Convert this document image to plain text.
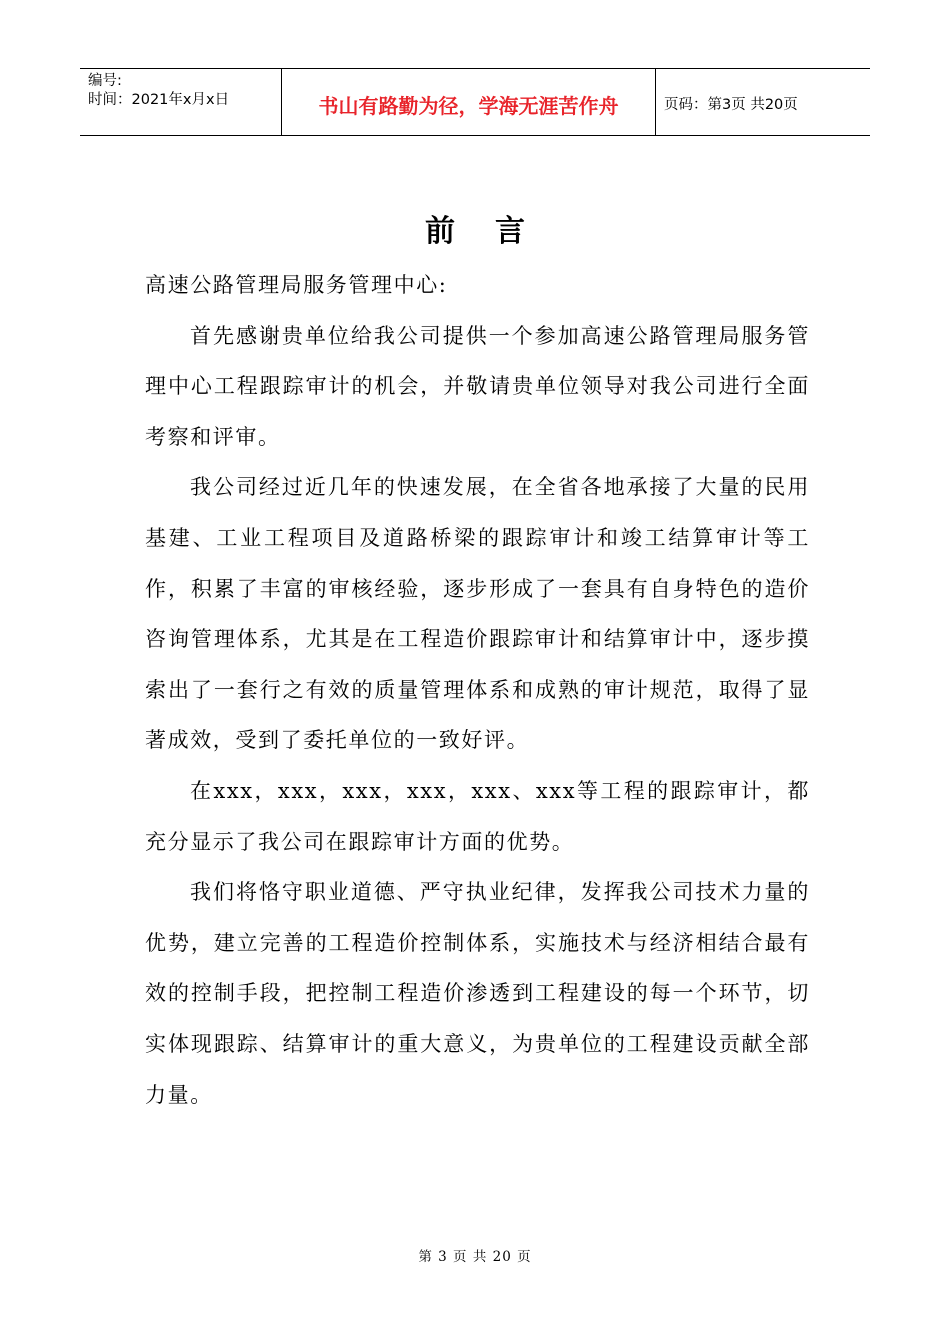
编号:
时间：2021年x月x日	书山有路勤为径，学海无涯苦作舟	页码：第3页 共20页
前言

高速公路管理局服务管理中心:

首先感谢贵单位给我公司提供一个参加高速公路管理局服务管理中心工程跟踪审计的机会，并敬请贵单位领导对我公司进行全面考察和评审。

我公司经过近几年的快速发展，在全省各地承接了大量的民用基建、工业工程项目及道路桥梁的跟踪审计和竣工结算审计等工作，积累了丰富的审核经验，逐步形成了一套具有自身特色的造价咨询管理体系，尤其是在工程造价跟踪审计和结算审计中，逐步摸索出了一套行之有效的质量管理体系和成熟的审计规范，取得了显著成效，受到了委托单位的一致好评。

在xxx，xxx，xxx，xxx，xxx、xxx等工程的跟踪审计，都充分显示了我公司在跟踪审计方面的优势。

我们将恪守职业道德、严守执业纪律，发挥我公司技术力量的优势，建立完善的工程造价控制体系，实施技术与经济相结合最有效的控制手段，把控制工程造价渗透到工程建设的每一个环节，切实体现跟踪、结算审计的重大意义，为贵单位的工程建设贡献全部力量。

第 3 页 共 20 页
